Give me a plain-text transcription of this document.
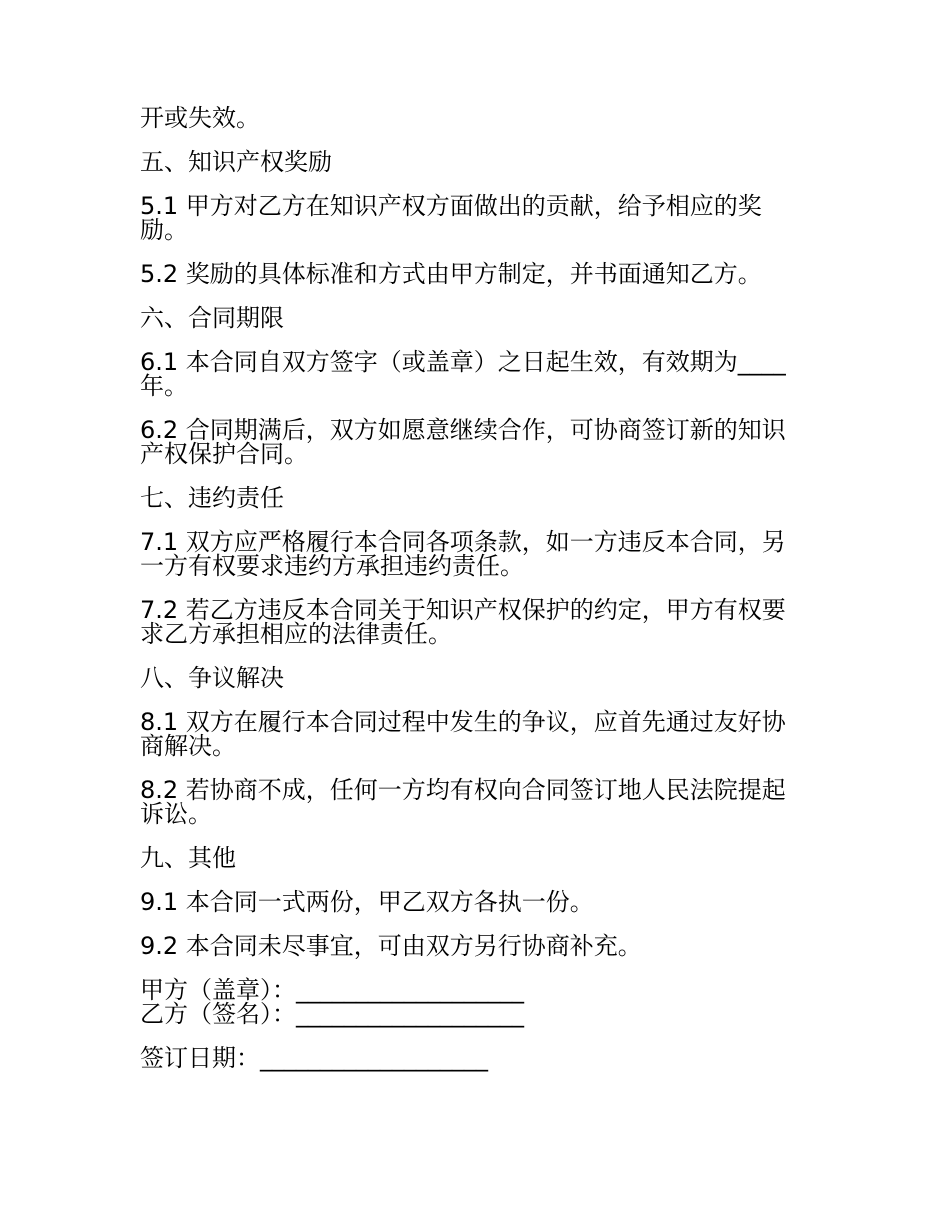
开或失效。

五、知识产权奖励

5.1 甲方对乙方在知识产权方面做出的贡献，给予相应的奖励。

5.2 奖励的具体标准和方式由甲方制定，并书面通知乙方。

六、合同期限

6.1 本合同自双方签字（或盖章）之日起生效，有效期为____年。

6.2 合同期满后，双方如愿意继续合作，可协商签订新的知识产权保护合同。

七、违约责任

7.1 双方应严格履行本合同各项条款，如一方违反本合同，另一方有权要求违约方承担违约责任。

7.2 若乙方违反本合同关于知识产权保护的约定，甲方有权要求乙方承担相应的法律责任。

八、争议解决

8.1 双方在履行本合同过程中发生的争议，应首先通过友好协商解决。

8.2 若协商不成，任何一方均有权向合同签订地人民法院提起诉讼。

九、其他

9.1 本合同一式两份，甲乙双方各执一份。

9.2 本合同未尽事宜，可由双方另行协商补充。

甲方（盖章）：___________________

乙方（签名）：___________________

签订日期：___________________
